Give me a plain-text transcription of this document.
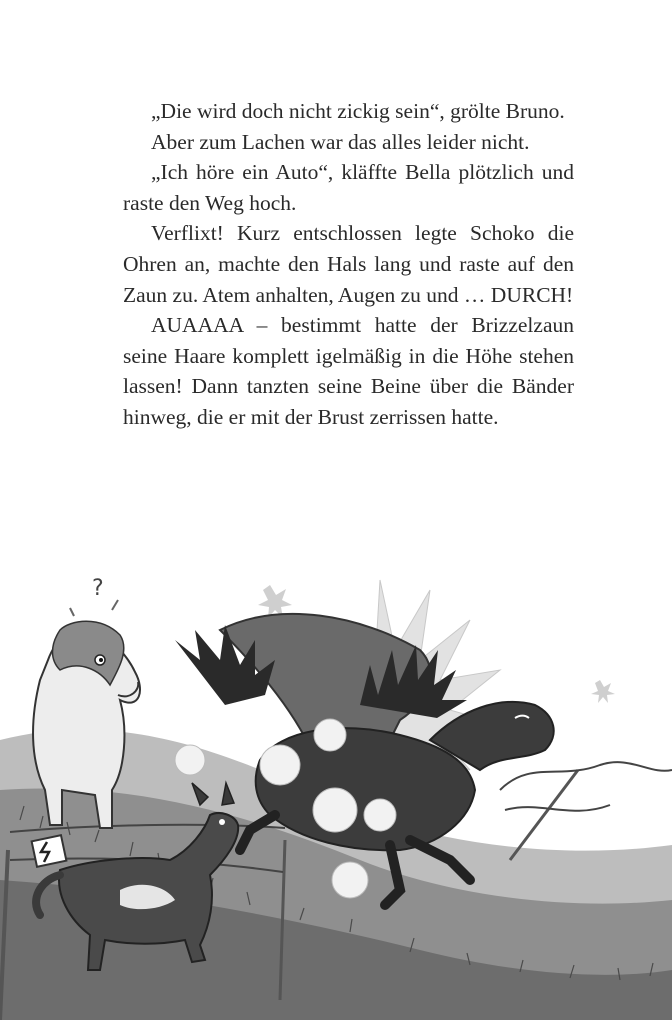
„Die wird doch nicht zickig sein“, grölte Bruno.

Aber zum Lachen war das alles leider nicht.

„Ich höre ein Auto“, kläffte Bella plötzlich und raste den Weg hoch.

Verflixt! Kurz entschlossen legte Schoko die Ohren an, machte den Hals lang und raste auf den Zaun zu. Atem anhalten, Augen zu und … DURCH!

AUAAAA – bestimmt hatte der Brizzelzaun seine Haare komplett igelmäßig in die Höhe stehen lassen! Dann tanzten seine Beine über die Bänder hinweg, die er mit der Brust zerrissen hatte.

?
